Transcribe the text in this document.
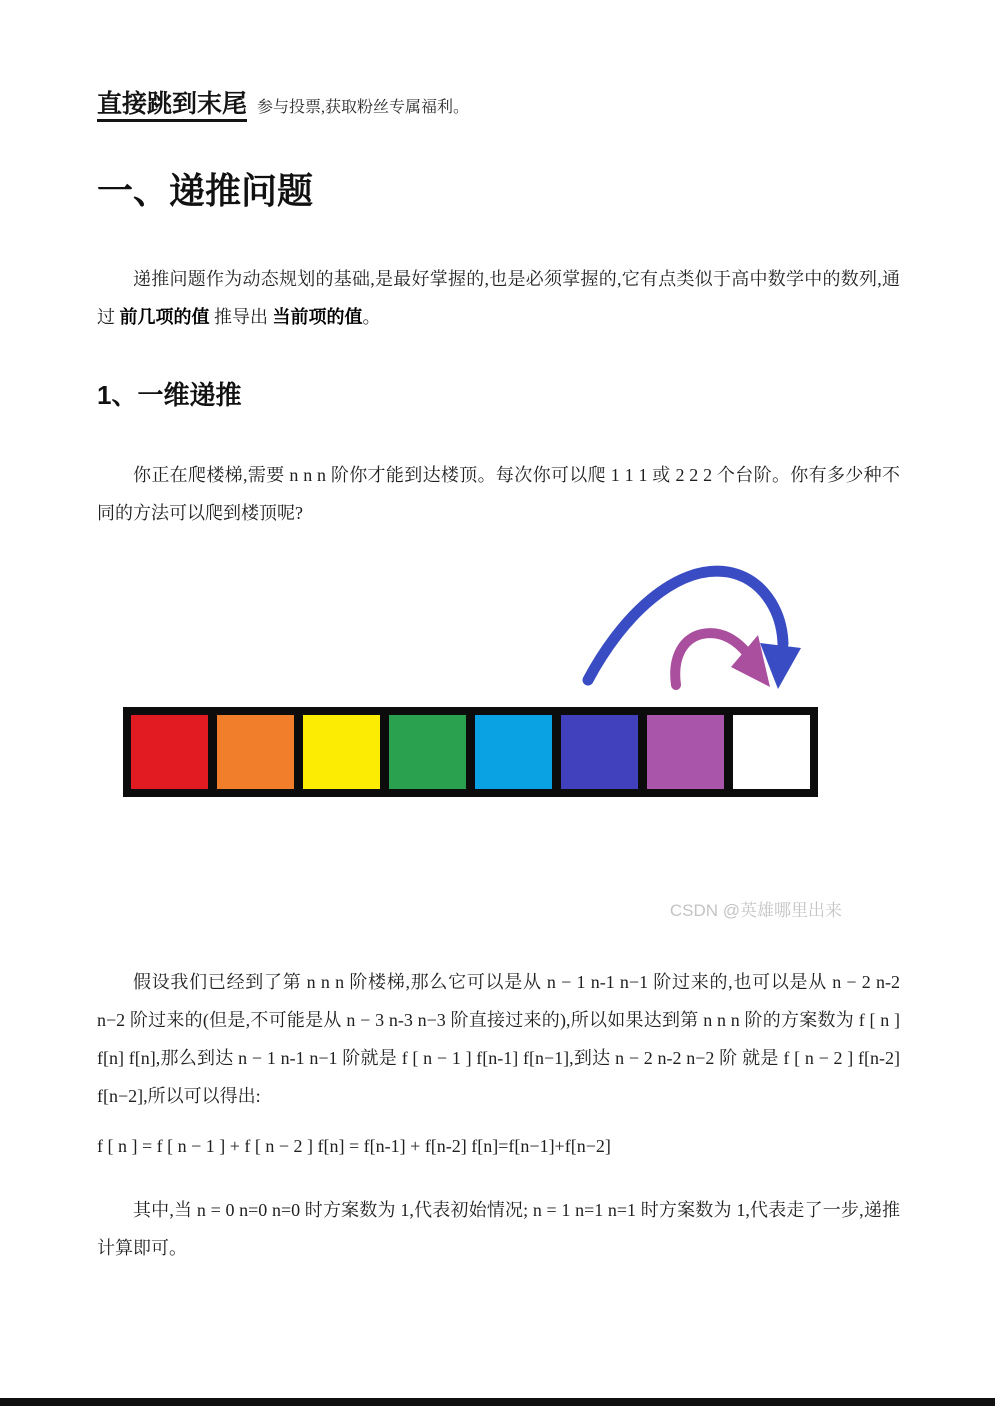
直接跳到末尾 参与投票,获取粉丝专属福利。
一、递推问题

递推问题作为动态规划的基础,是最好掌握的,也是必须掌握的,它有点类似于高中数学中的数列,通过 前几项的值 推导出 当前项的值。

1、一维递推

你正在爬楼梯,需要 n n n 阶你才能到达楼顶。每次你可以爬 1 1 1 或 2 2 2 个台阶。你有多少种不同的方法可以爬到楼顶呢?

CSDN @英雄哪里出来

假设我们已经到了第 n n n 阶楼梯,那么它可以是从 n − 1 n-1 n−1 阶过来的,也可以是从 n − 2 n-2 n−2 阶过来的(但是,不可能是从 n − 3 n-3 n−3 阶直接过来的),所以如果达到第 n n n 阶的方案数为 f [ n ] f[n] f[n],那么到达 n − 1 n-1 n−1 阶就是 f [ n − 1 ] f[n-1] f[n−1],到达 n − 2 n-2 n−2 阶 就是 f [ n − 2 ] f[n-2] f[n−2],所以可以得出:

f [ n ] = f [ n − 1 ] + f [ n − 2 ] f[n] = f[n-1] + f[n-2] f[n]=f[n−1]+f[n−2]

其中,当 n = 0 n=0 n=0 时方案数为 1,代表初始情况; n = 1 n=1 n=1 时方案数为 1,代表走了一步,递推计算即可。
